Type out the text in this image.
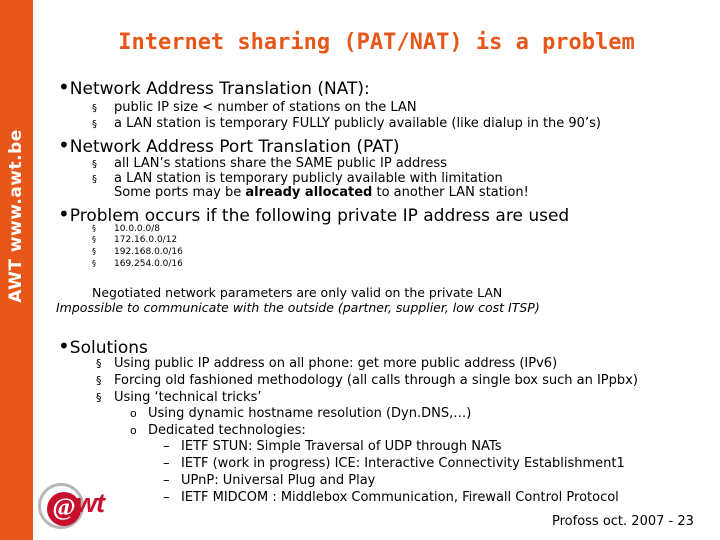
AWT www.awt.be
Internet sharing (PAT/NAT) is a problem
•Network Address Translation (NAT):
§ public IP size < number of stations on the LAN
§ a LAN station is temporary FULLY publicly available (like dialup in the 90’s)
•Network Address Port Translation (PAT)
§ all LAN’s stations share the SAME public IP address
§ a LAN station is temporary publicly available with limitation
Some ports may be already allocated to another LAN station!
•Problem occurs if the following private IP address are used
§ 10.0.0.0/8
§ 172.16.0.0/12
§ 192.168.0.0/16
§ 169.254.0.0/16
Negotiated network parameters are only valid on the private LAN
Impossible to communicate with the outside (partner, supplier, low cost ITSP)
•Solutions
§ Using public IP address on all phone: get more public address (IPv6)
§ Forcing old fashioned methodology (all calls through a single box such an IPpbx)
§ Using ‘technical tricks’
o Using dynamic hostname resolution (Dyn.DNS,…)
o Dedicated technologies:
– IETF STUN: Simple Traversal of UDP through NATs
– IETF (work in progress) ICE: Interactive Connectivity Establishment1
– UPnP: Universal Plug and Play
– IETF MIDCOM : Middlebox Communication, Firewall Control Protocol
@ wt
Profoss oct. 2007 - 23
